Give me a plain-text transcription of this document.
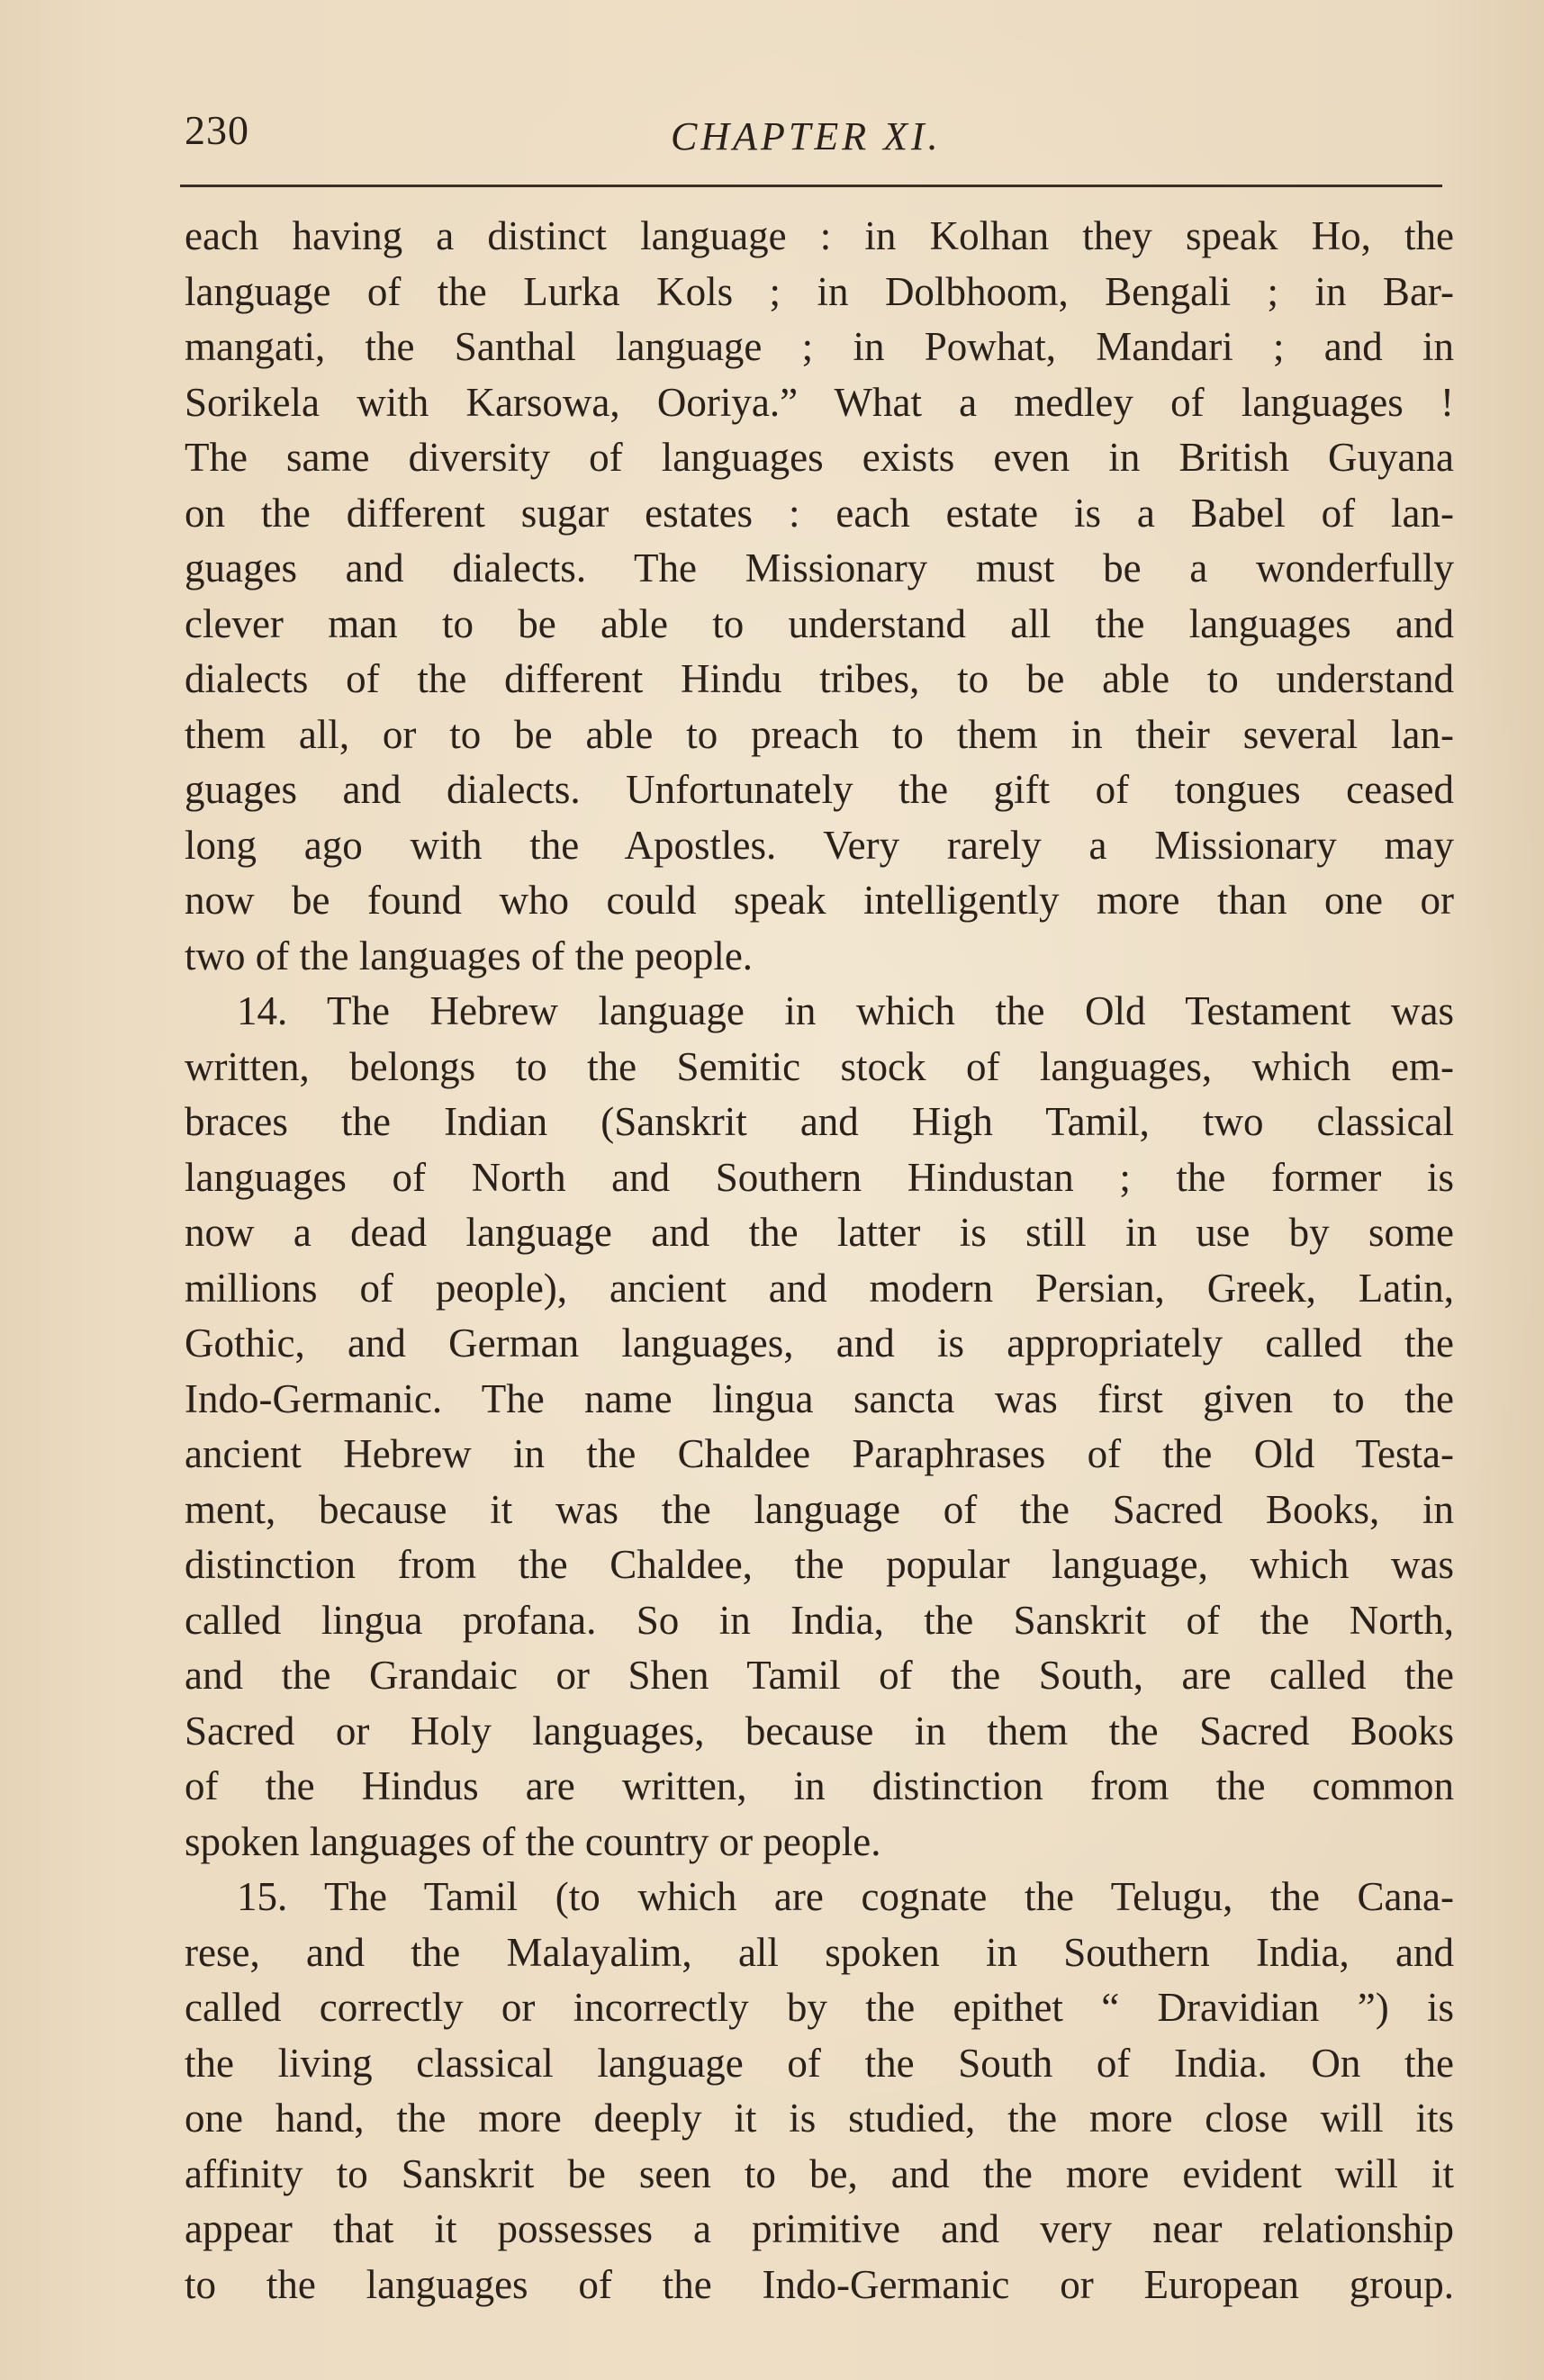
230	CHAPTER XI.
each having a distinct language : in Kolhan they speak Ho, the
language of the Lurka Kols ; in Dolbhoom, Bengali ; in Bar-
mangati, the Santhal language ; in Powhat, Mandari ; and in
Sorikela with Karsowa, Ooriya.” What a medley of languages !
The same diversity of languages exists even in British Guyana
on the different sugar estates : each estate is a Babel of lan-
guages and dialects. The Missionary must be a wonderfully
clever man to be able to understand all the languages and
dialects of the different Hindu tribes, to be able to understand
them all, or to be able to preach to them in their several lan-
guages and dialects. Unfortunately the gift of tongues ceased
long ago with the Apostles. Very rarely a Missionary may
now be found who could speak intelligently more than one or
two of the languages of the people.
14. The Hebrew language in which the Old Testament was
written, belongs to the Semitic stock of languages, which em-
braces the Indian (Sanskrit and High Tamil, two classical
languages of North and Southern Hindustan ; the former is
now a dead language and the latter is still in use by some
millions of people), ancient and modern Persian, Greek, Latin,
Gothic, and German languages, and is appropriately called the
Indo-Germanic. The name lingua sancta was first given to the
ancient Hebrew in the Chaldee Paraphrases of the Old Testa-
ment, because it was the language of the Sacred Books, in
distinction from the Chaldee, the popular language, which was
called lingua profana. So in India, the Sanskrit of the North,
and the Grandaic or Shen Tamil of the South, are called the
Sacred or Holy languages, because in them the Sacred Books
of the Hindus are written, in distinction from the common
spoken languages of the country or people.
15. The Tamil (to which are cognate the Telugu, the Cana-
rese, and the Malayalim, all spoken in Southern India, and
called correctly or incorrectly by the epithet “ Dravidian ”) is
the living classical language of the South of India. On the
one hand, the more deeply it is studied, the more close will its
affinity to Sanskrit be seen to be, and the more evident will it
appear that it possesses a primitive and very near relationship
to the languages of the Indo-Germanic or European group.
